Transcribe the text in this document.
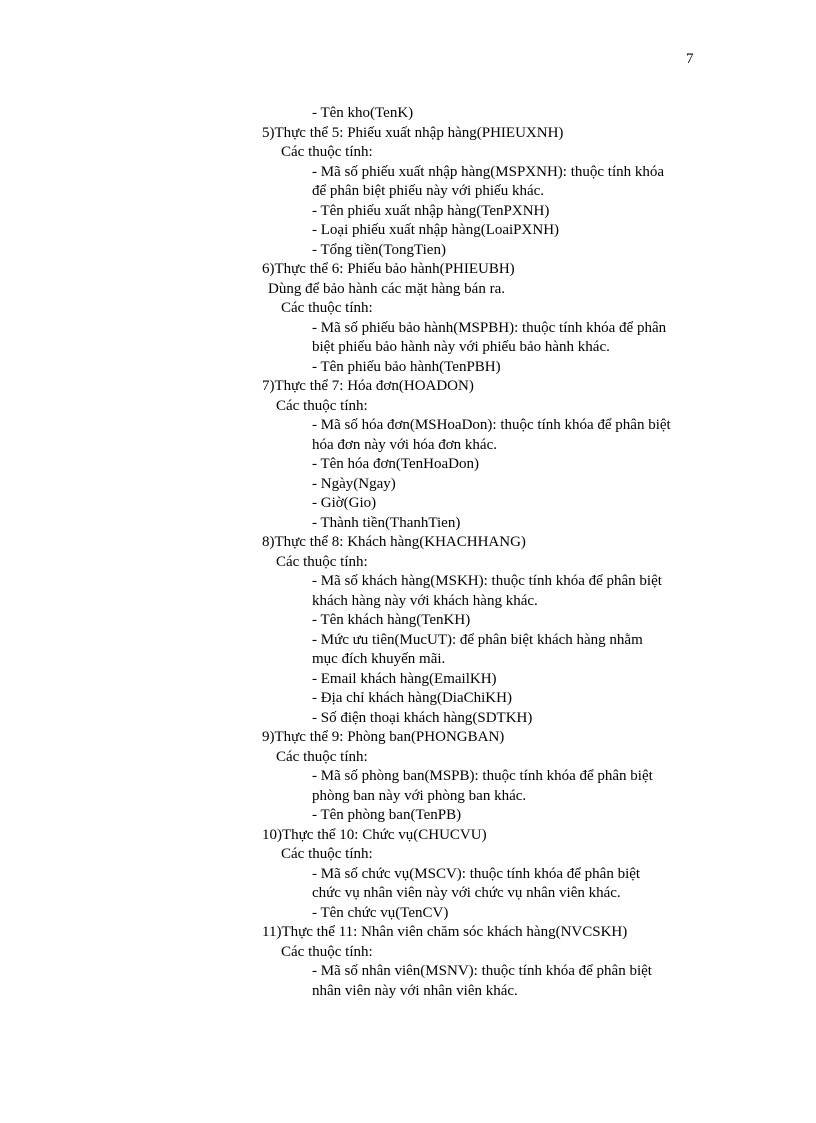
7
- Tên kho(TenK)
5)Thực thể 5: Phiếu xuất nhập hàng(PHIEUXNH)
Các thuộc tính:
- Mã số phiếu xuất nhập hàng(MSPXNH): thuộc tính khóa
để phân biệt phiếu này với phiếu khác.
- Tên phiếu xuất nhập hàng(TenPXNH)
- Loại phiếu xuất nhập hàng(LoaiPXNH)
- Tổng tiền(TongTien)
6)Thực thể 6: Phiếu bảo hành(PHIEUBH)
Dùng để bảo hành các mặt hàng bán ra.
Các thuộc tính:
- Mã số phiếu bảo hành(MSPBH): thuộc tính khóa để phân
biệt phiếu bảo hành này với phiếu bảo hành khác.
- Tên phiếu bảo hành(TenPBH)
7)Thực thể 7: Hóa đơn(HOADON)
Các thuộc tính:
- Mã số hóa đơn(MSHoaDon): thuộc tính khóa để phân biệt
hóa đơn này với hóa đơn khác.
- Tên hóa đơn(TenHoaDon)
- Ngày(Ngay)
- Giờ(Gio)
- Thành tiền(ThanhTien)
8)Thực thể 8: Khách hàng(KHACHHANG)
Các thuộc tính:
- Mã số khách hàng(MSKH): thuộc tính khóa để phân biệt
khách hàng này với khách hàng khác.
- Tên khách hàng(TenKH)
- Mức ưu tiên(MucUT): để phân biệt khách hàng nhằm
mục đích khuyến mãi.
- Email khách hàng(EmailKH)
- Địa chỉ khách hàng(DiaChiKH)
- Số điện thoại khách hàng(SDTKH)
9)Thực thể 9: Phòng ban(PHONGBAN)
Các thuộc tính:
- Mã số phòng ban(MSPB): thuộc tính khóa để phân biệt
phòng ban này với phòng ban khác.
- Tên phòng ban(TenPB)
10)Thực thể 10: Chức vụ(CHUCVU)
Các thuộc tính:
- Mã số chức vụ(MSCV): thuộc tính khóa để phân biệt
chức vụ nhân viên này với chức vụ nhân viên khác.
- Tên chức vụ(TenCV)
11)Thực thể 11: Nhân viên chăm sóc khách hàng(NVCSKH)
Các thuộc tính:
- Mã số nhân viên(MSNV): thuộc tính khóa để phân biệt
nhân viên này với nhân viên khác.
